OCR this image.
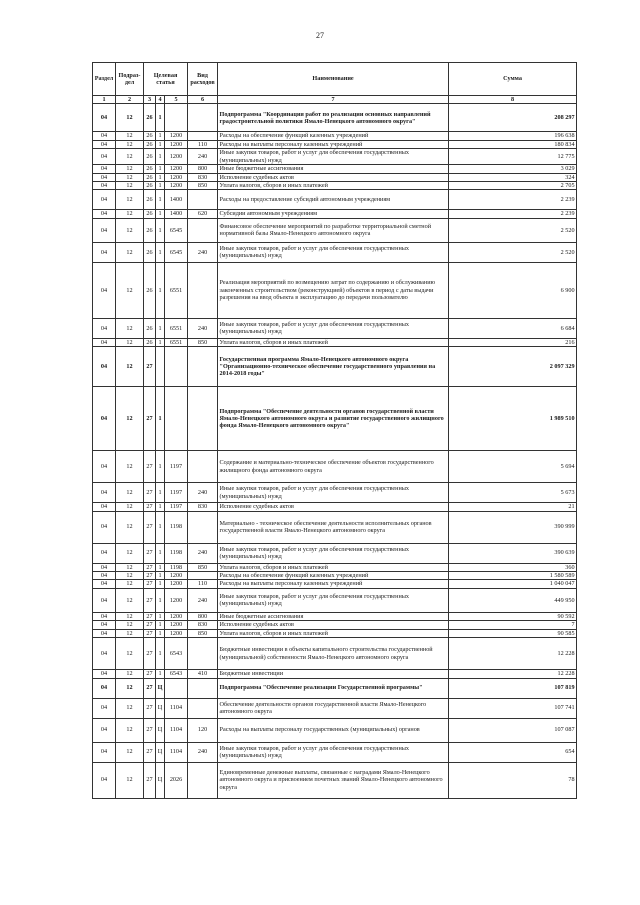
27
Раздел	Подраз-дел	Целевая статья			Вид расходов	Наименование	Сумма
1	2	3	4	5	6	7	8
04	12	26	1			Подпрограмма "Координация работ по реализации основных направлений градостроительной политики Ямало-Ненецкого автономного округа"	208 297
04	12	26	1	1200		Расходы на обеспечение функций казенных учреждений	196 638
04	12	26	1	1200	110	Расходы на выплаты персоналу казенных учреждений	180 834
04	12	26	1	1200	240	Иные закупки товаров, работ и услуг для обеспечения государственных (муниципальных) нужд	12 775
04	12	26	1	1200	800	Иные бюджетные ассигнования	3 029
04	12	26	1	1200	830	Исполнение судебных актов	324
04	12	26	1	1200	850	Уплата налогов, сборов и иных платежей	2 705
04	12	26	1	1400		Расходы на предоставление субсидий автономным учреждениям	2 239
04	12	26	1	1400	620	Субсидии автономным учреждениям	2 239
04	12	26	1	6545		Финансовое обеспечение мероприятий по разработке территориальной сметной нормативной базы Ямало-Ненецкого автономного округа	2 520
04	12	26	1	6545	240	Иные закупки товаров, работ и услуг для обеспечения государственных (муниципальных) нужд	2 520
04	12	26	1	6551		Реализация мероприятий по возмещению затрат по содержанию и обслуживанию законченных строительством (реконструкцией) объектов в период с даты выдачи разрешения на ввод объекта в эксплуатацию до передачи пользователю	6 900
04	12	26	1	6551	240	Иные закупки товаров, работ и услуг для обеспечения государственных (муниципальных) нужд	6 684
04	12	26	1	6551	850	Уплата налогов, сборов и иных платежей	216
04	12	27				Государственная программа Ямало-Ненецкого автономного округа "Организационно-техническое обеспечение государственного управления на 2014-2018 годы"	2 097 329
04	12	27	1			Подпрограмма "Обеспечение деятельности органов государственной власти Ямало-Ненецкого автономного округа и развитие государственного жилищного фонда Ямало-Ненецкого автономного округа"	1 989 510
04	12	27	1	1197		Содержание и материально-техническое обеспечение объектов государственного жилищного фонда автономного округа	5 694
04	12	27	1	1197	240	Иные закупки товаров, работ и услуг для обеспечения государственных (муниципальных) нужд	5 673
04	12	27	1	1197	830	Исполнение судебных актов	21
04	12	27	1	1198		Материально - техническое обеспечение деятельности исполнительных органов государственной власти Ямало-Ненецкого автономного округа	390 999
04	12	27	1	1198	240	Иные закупки товаров, работ и услуг для обеспечения государственных (муниципальных) нужд	390 639
04	12	27	1	1198	850	Уплата налогов, сборов и иных платежей	360
04	12	27	1	1200		Расходы на обеспечение функций казенных учреждений	1 580 589
04	12	27	1	1200	110	Расходы на выплаты персоналу казенных учреждений	1 040 047
04	12	27	1	1200	240	Иные закупки товаров, работ и услуг для обеспечения государственных (муниципальных) нужд	449 950
04	12	27	1	1200	800	Иные бюджетные ассигнования	90 592
04	12	27	1	1200	830	Исполнение судебных актов	7
04	12	27	1	1200	850	Уплата налогов, сборов и иных платежей	90 585
04	12	27	1	6543		Бюджетные инвестиции в объекты капитального строительства государственной (муниципальной) собственности Ямало-Ненецкого автономного округа	12 228
04	12	27	1	6543	410	Бюджетные инвестиции	12 228
04	12	27	Ц			Подпрограмма "Обеспечение реализации Государственной программы"	107 819
04	12	27	Ц	1104		Обеспечение деятельности органов государственной власти Ямало-Ненецкого автономного округа	107 741
04	12	27	Ц	1104	120	Расходы на выплаты персоналу государственных (муниципальных) органов	107 087
04	12	27	Ц	1104	240	Иные закупки товаров, работ и услуг для обеспечения государственных (муниципальных) нужд	654
04	12	27	Ц	2026		Единовременные денежные выплаты, связанные с наградами Ямало-Ненецкого автономного округа и присвоением почетных званий Ямало-Ненецкого автономного округа	78
